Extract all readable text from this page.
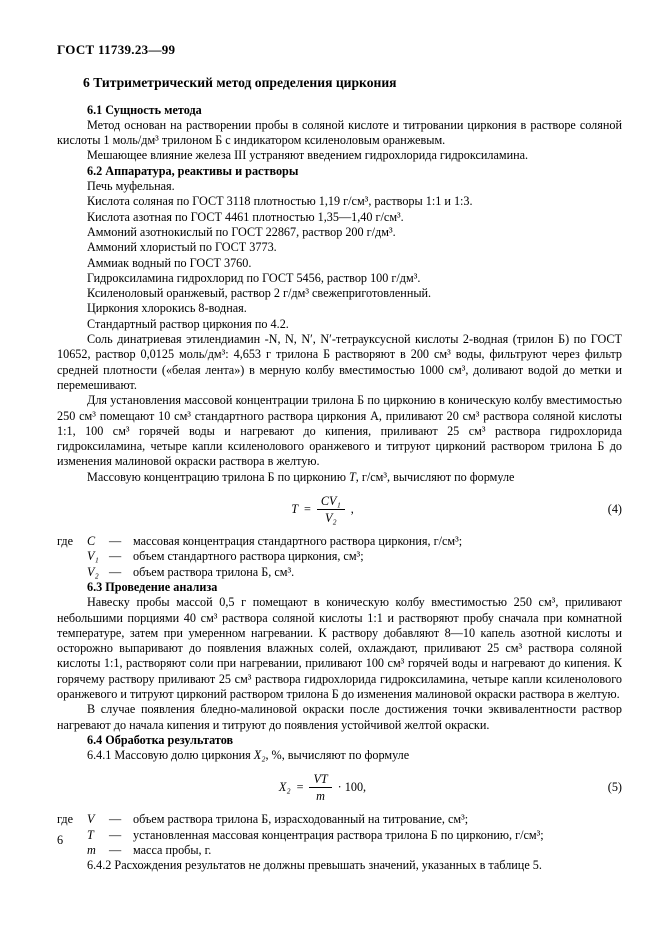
ГОСТ 11739.23—99

6 Титриметрический метод определения циркония

6.1 Сущность метода

Метод основан на растворении пробы в соляной кислоте и титровании циркония в растворе соляной кислоты 1 моль/дм³ трилоном Б с индикатором ксиленоловым оранжевым.

Мешающее влияние железа III устраняют введением гидрохлорида гидроксиламина.

6.2 Аппаратура, реактивы и растворы

Печь муфельная.

Кислота соляная по ГОСТ 3118 плотностью 1,19 г/см³, растворы 1:1 и 1:3.

Кислота азотная по ГОСТ 4461 плотностью 1,35—1,40 г/см³.

Аммоний азотнокислый по ГОСТ 22867, раствор 200 г/дм³.

Аммоний хлористый по ГОСТ 3773.

Аммиак водный по ГОСТ 3760.

Гидроксиламина гидрохлорид по ГОСТ 5456, раствор 100 г/дм³.

Ксиленоловый оранжевый, раствор 2 г/дм³ свежеприготовленный.

Циркония хлорокись 8-водная.

Стандартный раствор циркония по 4.2.

Соль динатриевая этилендиамин -N, N, N′, N′-тетрауксусной кислоты 2-водная (трилон Б) по ГОСТ 10652, раствор 0,0125 моль/дм³: 4,653 г трилона Б растворяют в 200 см³ воды, фильтруют через фильтр средней плотности («белая лента») в мерную колбу вместимостью 1000 см³, доливают водой до метки и перемешивают.

Для установления массовой концентрации трилона Б по цирконию в коническую колбу вместимостью 250 см³ помещают 10 см³ стандартного раствора циркония А, приливают 20 см³ раствора соляной кислоты 1:1, 100 см³ горячей воды и нагревают до кипения, приливают 25 см³ раствора гидрохлорида гидроксиламина, четыре капли ксиленолового оранжевого и титруют цирконий раствором трилона Б до изменения малиновой окраски раствора в желтую.

Массовую концентрацию трилона Б по цирконию T, г/см³, вычисляют по формуле

$T = \frac{\text{CV₁}}{\text{V₂}}$ ,	(4)
где	C	— массовая концентрация стандартного раствора циркония, г/см³;
V₁ — объем стандартного раствора циркония, см³;
V₂ — объем раствора трилона Б, см³.

6.3 Проведение анализа

Навеску пробы массой 0,5 г помещают в коническую колбу вместимостью 250 см³, приливают небольшими порциями 40 см³ раствора соляной кислоты 1:1 и растворяют пробу сначала при комнатной температуре, затем при умеренном нагревании. К раствору добавляют 8—10 капель азотной кислоты и осторожно выпаривают до появления влажных солей, охлаждают, приливают 25 см³ раствора соляной кислоты 1:1, растворяют соли при нагревании, приливают 100 см³ горячей воды и нагревают до кипения. К горячему раствору приливают 25 см³ раствора гидрохлорида гидроксиламина, четыре капли ксиленолового оранжевого и титруют цирконий раствором трилона Б до изменения малиновой окраски раствора в желтую.

В случае появления бледно-малиновой окраски после достижения точки эквивалентности раствор нагревают до начала кипения и титруют до появления устойчивой желтой окраски.

6.4 Обработка результатов

6.4.1 Массовую долю циркония X₂, %, вычисляют по формуле

$X_2 = \frac{VT}{m} \cdot 100$,	(5)
где	V	— объем раствора трилона Б, израсходованный на титрование, см³;
T	— установленная массовая концентрация раствора трилона Б по цирконию, г/см³;
m	— масса пробы, г.

6.4.2 Расхождения результатов не должны превышать значений, указанных в таблице 5.

6
